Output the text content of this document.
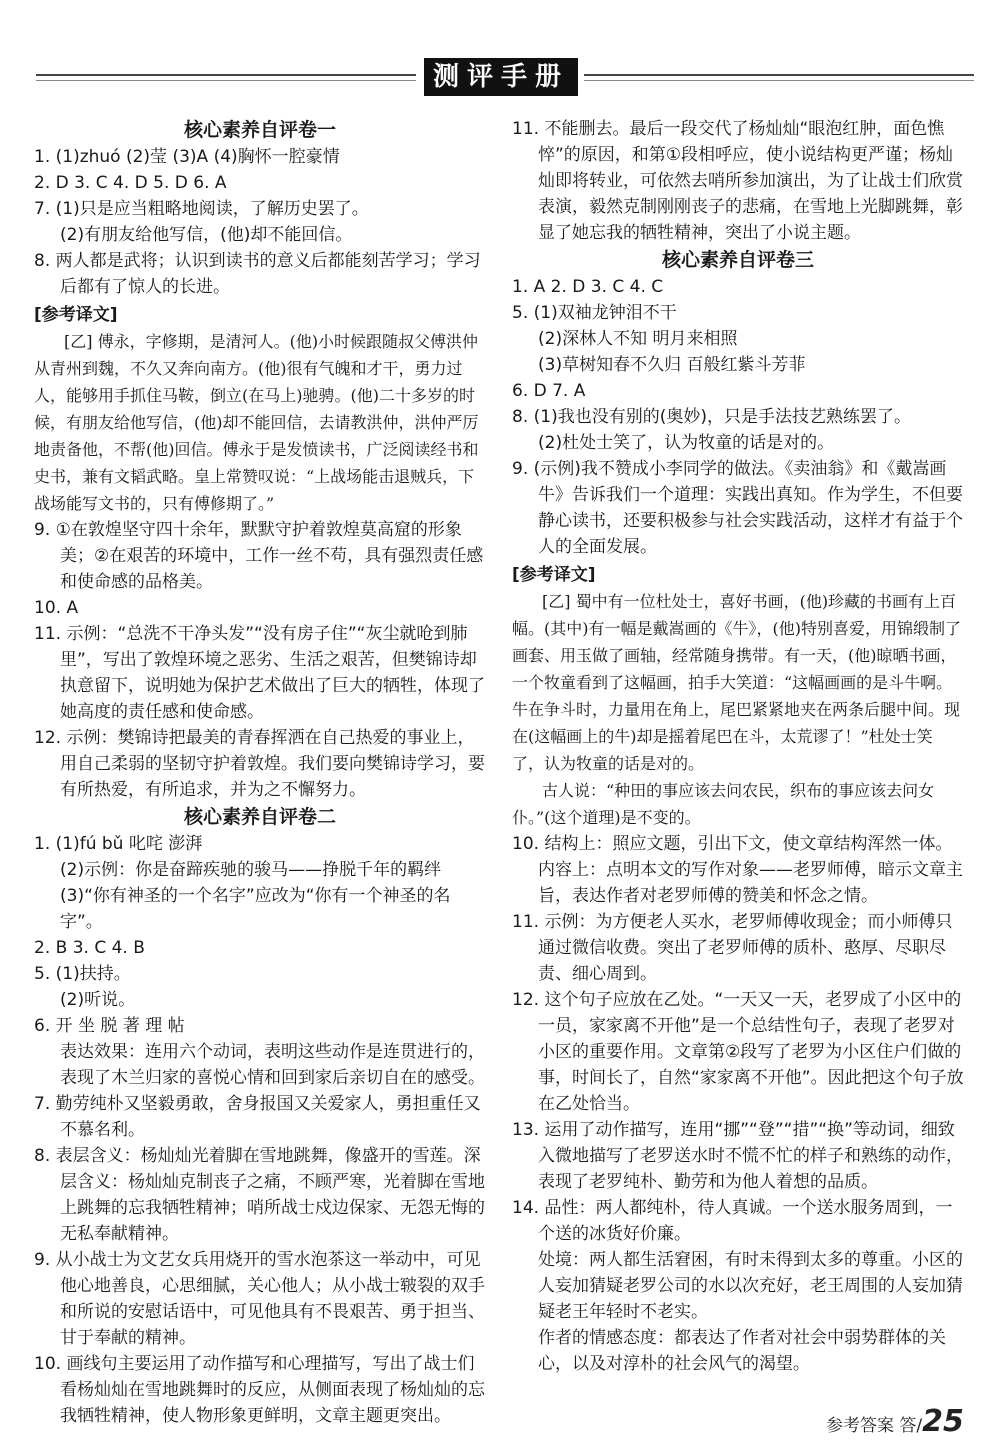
测评手册
核心素养自评卷一

1. (1)zhuó (2)莹 (3)A (4)胸怀一腔豪情

2. D 3. C 4. D 5. D 6. A

7. (1)只是应当粗略地阅读，了解历史罢了。

(2)有朋友给他写信，(他)却不能回信。

8. 两人都是武将；认识到读书的意义后都能刻苦学习；学习后都有了惊人的长进。

[参考译文]

[乙] 傅永，字修期，是清河人。(他)小时候跟随叔父傅洪仲从青州到魏，不久又奔向南方。(他)很有气魄和才干，勇力过人，能够用手抓住马鞍，倒立(在马上)驰骋。(他)二十多岁的时候，有朋友给他写信，(他)却不能回信，去请教洪仲，洪仲严厉地责备他，不帮(他)回信。傅永于是发愤读书，广泛阅读经书和史书，兼有文韬武略。皇上常赞叹说：“上战场能击退贼兵，下战场能写文书的，只有傅修期了。”

9. ①在敦煌坚守四十余年，默默守护着敦煌莫高窟的形象美；②在艰苦的环境中，工作一丝不苟，具有强烈责任感和使命感的品格美。

10. A

11. 示例：“总洗不干净头发”“没有房子住”“灰尘就呛到肺里”，写出了敦煌环境之恶劣、生活之艰苦，但樊锦诗却执意留下，说明她为保护艺术做出了巨大的牺牲，体现了她高度的责任感和使命感。

12. 示例：樊锦诗把最美的青春挥洒在自己热爱的事业上，用自己柔弱的坚韧守护着敦煌。我们要向樊锦诗学习，要有所热爱，有所追求，并为之不懈努力。

核心素养自评卷二

1. (1)fú bǔ 叱咤 澎湃

(2)示例：你是奋蹄疾驰的骏马——挣脱千年的羁绊

(3)“你有神圣的一个名字”应改为“你有一个神圣的名字”。

2. B 3. C 4. B

5. (1)扶持。

(2)听说。

6. 开 坐 脱 著 理 帖

表达效果：连用六个动词，表明这些动作是连贯进行的，表现了木兰归家的喜悦心情和回到家后亲切自在的感受。

7. 勤劳纯朴又坚毅勇敢，舍身报国又关爱家人，勇担重任又不慕名利。

8. 表层含义：杨灿灿光着脚在雪地跳舞，像盛开的雪莲。深层含义：杨灿灿克制丧子之痛，不顾严寒，光着脚在雪地上跳舞的忘我牺牲精神；哨所战士戍边保家、无怨无悔的无私奉献精神。

9. 从小战士为文艺女兵用烧开的雪水泡茶这一举动中，可见他心地善良，心思细腻，关心他人；从小战士皲裂的双手和所说的安慰话语中，可见他具有不畏艰苦、勇于担当、甘于奉献的精神。

10. 画线句主要运用了动作描写和心理描写，写出了战士们看杨灿灿在雪地跳舞时的反应，从侧面表现了杨灿灿的忘我牺牲精神，使人物形象更鲜明，文章主题更突出。

11. 不能删去。最后一段交代了杨灿灿“眼泡红肿，面色憔悴”的原因，和第①段相呼应，使小说结构更严谨；杨灿灿即将转业，可依然去哨所参加演出，为了让战士们欣赏表演，毅然克制刚刚丧子的悲痛，在雪地上光脚跳舞，彰显了她忘我的牺牲精神，突出了小说主题。

核心素养自评卷三

1. A 2. D 3. C 4. C

5. (1)双袖龙钟泪不干

(2)深林人不知 明月来相照

(3)草树知春不久归 百般红紫斗芳菲

6. D 7. A

8. (1)我也没有别的(奥妙)，只是手法技艺熟练罢了。

(2)杜处士笑了，认为牧童的话是对的。

9. (示例)我不赞成小李同学的做法。《卖油翁》和《戴嵩画牛》告诉我们一个道理：实践出真知。作为学生，不但要静心读书，还要积极参与社会实践活动，这样才有益于个人的全面发展。

[参考译文]

[乙] 蜀中有一位杜处士，喜好书画，(他)珍藏的书画有上百幅。(其中)有一幅是戴嵩画的《牛》，(他)特别喜爱，用锦缎制了画套、用玉做了画轴，经常随身携带。有一天，(他)晾晒书画，一个牧童看到了这幅画，拍手大笑道：“这幅画画的是斗牛啊。牛在争斗时，力量用在角上，尾巴紧紧地夹在两条后腿中间。现在(这幅画上的牛)却是摇着尾巴在斗，太荒谬了！”杜处士笑了，认为牧童的话是对的。

古人说：“种田的事应该去问农民，织布的事应该去问女仆。”(这个道理)是不变的。

10. 结构上：照应文题，引出下文，使文章结构浑然一体。内容上：点明本文的写作对象——老罗师傅，暗示文章主旨，表达作者对老罗师傅的赞美和怀念之情。

11. 示例：为方便老人买水，老罗师傅收现金；而小师傅只通过微信收费。突出了老罗师傅的质朴、憨厚、尽职尽责、细心周到。

12. 这个句子应放在乙处。“一天又一天，老罗成了小区中的一员，家家离不开他”是一个总结性句子，表现了老罗对小区的重要作用。文章第②段写了老罗为小区住户们做的事，时间长了，自然“家家离不开他”。因此把这个句子放在乙处恰当。

13. 运用了动作描写，连用“挪”“登”“措”“换”等动词，细致入微地描写了老罗送水时不慌不忙的样子和熟练的动作，表现了老罗纯朴、勤劳和为他人着想的品质。

14. 品性：两人都纯朴，待人真诚。一个送水服务周到，一个送的冰货好价廉。

处境：两人都生活窘困，有时未得到太多的尊重。小区的人妄加猜疑老罗公司的水以次充好，老王周围的人妄加猜疑老王年轻时不老实。

作者的情感态度：都表达了作者对社会中弱势群体的关心，以及对淳朴的社会风气的渴望。

参考答案 答/25
